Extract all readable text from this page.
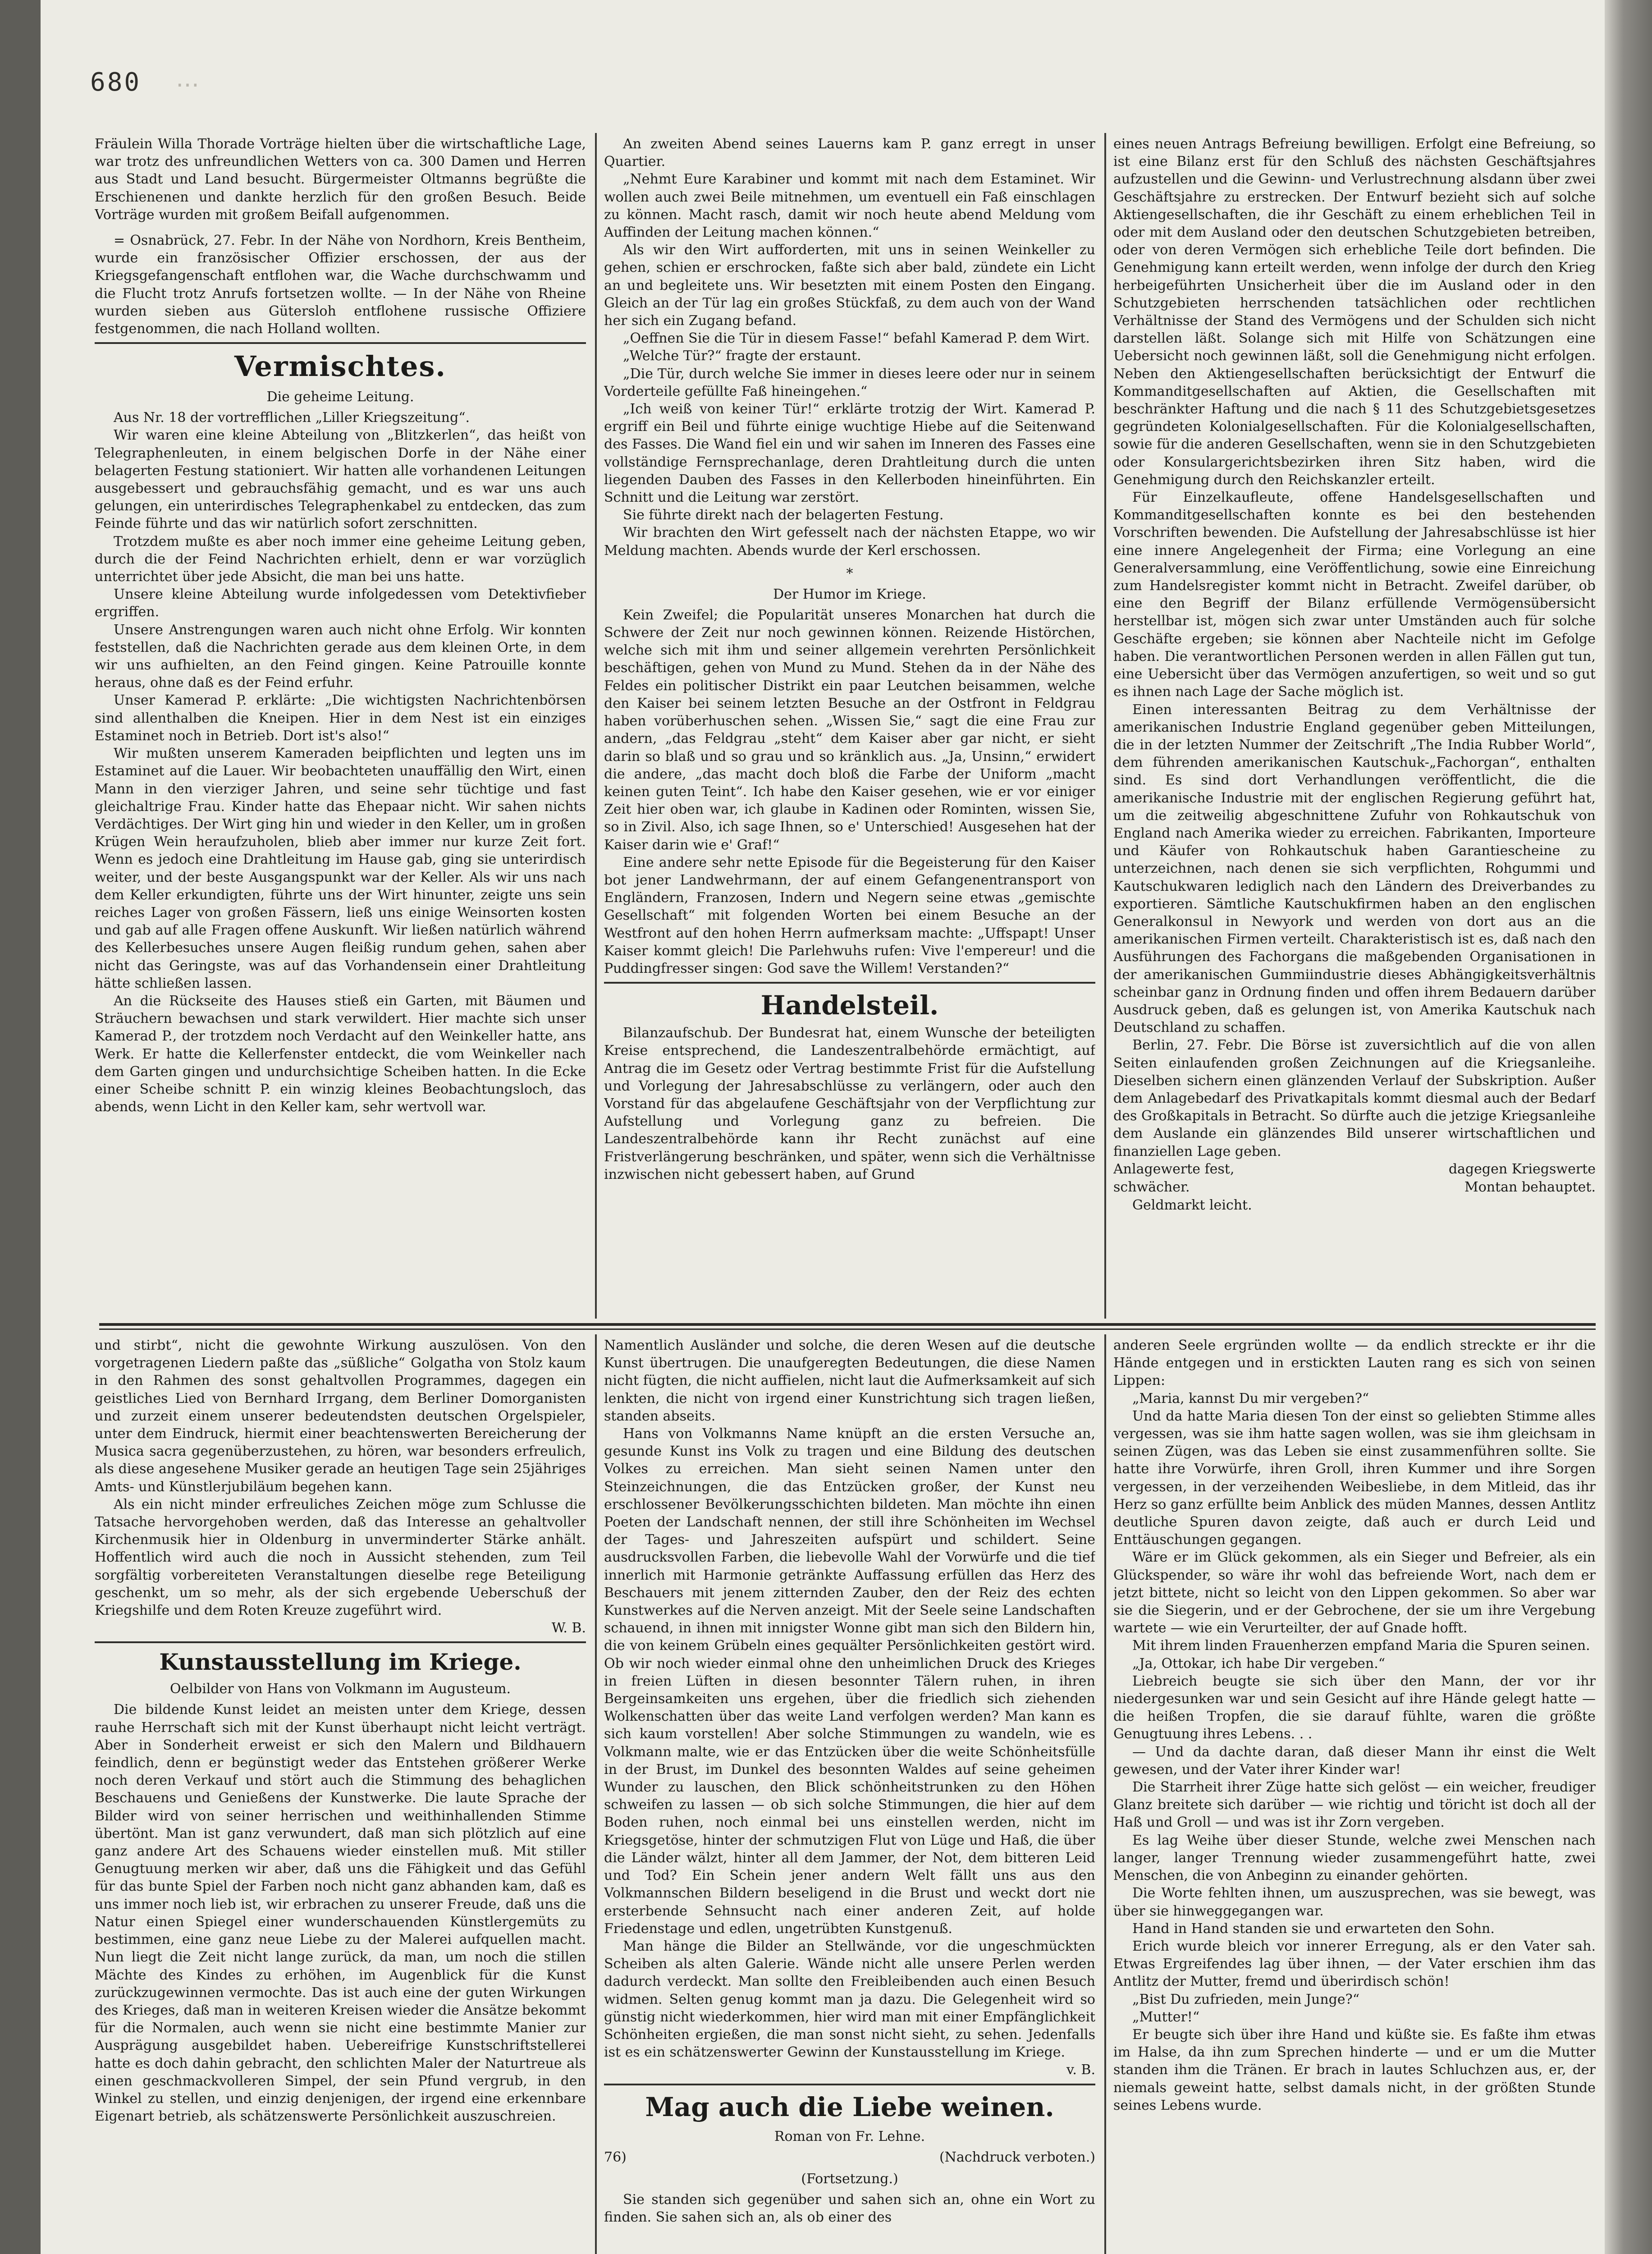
680 …

Fräulein Willa Thorade Vorträge hielten über die wirtschaftliche Lage, war trotz des unfreundlichen Wetters von ca. 300 Damen und Herren aus Stadt und Land besucht. Bürgermeister Oltmanns begrüßte die Erschienenen und dankte herzlich für den großen Besuch. Beide Vorträge wurden mit großem Beifall aufgenommen.

= Osnabrück, 27. Febr. In der Nähe von Nordhorn, Kreis Bentheim, wurde ein französischer Offizier erschossen, der aus der Kriegsgefangenschaft entflohen war, die Wache durchschwamm und die Flucht trotz Anrufs fortsetzen wollte. — In der Nähe von Rheine wurden sieben aus Gütersloh entflohene russische Offiziere festgenommen, die nach Holland wollten.

Vermischtes.
Die geheime Leitung.

Aus Nr. 18 der vortrefflichen „Liller Kriegszeitung“.

Wir waren eine kleine Abteilung von „Blitzkerlen“, das heißt von Telegraphenleuten, in einem belgischen Dorfe in der Nähe einer belagerten Festung stationiert. Wir hatten alle vorhandenen Leitungen ausgebessert und gebrauchsfähig gemacht, und es war uns auch gelungen, ein unterirdisches Telegraphenkabel zu entdecken, das zum Feinde führte und das wir natürlich sofort zerschnitten.

Trotzdem mußte es aber noch immer eine geheime Leitung geben, durch die der Feind Nachrichten erhielt, denn er war vorzüglich unterrichtet über jede Absicht, die man bei uns hatte.

Unsere kleine Abteilung wurde infolgedessen vom Detektivfieber ergriffen.

Unsere Anstrengungen waren auch nicht ohne Erfolg. Wir konnten feststellen, daß die Nachrichten gerade aus dem kleinen Orte, in dem wir uns aufhielten, an den Feind gingen. Keine Patrouille konnte heraus, ohne daß es der Feind erfuhr.

Unser Kamerad P. erklärte: „Die wichtigsten Nachrichtenbörsen sind allenthalben die Kneipen. Hier in dem Nest ist ein einziges Estaminet noch in Betrieb. Dort ist's also!“

Wir mußten unserem Kameraden beipflichten und legten uns im Estaminet auf die Lauer. Wir beobachteten unauffällig den Wirt, einen Mann in den vierziger Jahren, und seine sehr tüchtige und fast gleichaltrige Frau. Kinder hatte das Ehepaar nicht. Wir sahen nichts Verdächtiges. Der Wirt ging hin und wieder in den Keller, um in großen Krügen Wein heraufzuholen, blieb aber immer nur kurze Zeit fort. Wenn es jedoch eine Drahtleitung im Hause gab, ging sie unterirdisch weiter, und der beste Ausgangspunkt war der Keller. Als wir uns nach dem Keller erkundigten, führte uns der Wirt hinunter, zeigte uns sein reiches Lager von großen Fässern, ließ uns einige Weinsorten kosten und gab auf alle Fragen offene Auskunft. Wir ließen natürlich während des Kellerbesuches unsere Augen fleißig rundum gehen, sahen aber nicht das Geringste, was auf das Vorhandensein einer Drahtleitung hätte schließen lassen.

An die Rückseite des Hauses stieß ein Garten, mit Bäumen und Sträuchern bewachsen und stark verwildert. Hier machte sich unser Kamerad P., der trotzdem noch Verdacht auf den Weinkeller hatte, ans Werk. Er hatte die Kellerfenster entdeckt, die vom Weinkeller nach dem Garten gingen und undurchsichtige Scheiben hatten. In die Ecke einer Scheibe schnitt P. ein winzig kleines Beobachtungsloch, das abends, wenn Licht in den Keller kam, sehr wertvoll war.

An zweiten Abend seines Lauerns kam P. ganz erregt in unser Quartier.

„Nehmt Eure Karabiner und kommt mit nach dem Estaminet. Wir wollen auch zwei Beile mitnehmen, um eventuell ein Faß einschlagen zu können. Macht rasch, damit wir noch heute abend Meldung vom Auffinden der Leitung machen können.“

Als wir den Wirt aufforderten, mit uns in seinen Weinkeller zu gehen, schien er erschrocken, faßte sich aber bald, zündete ein Licht an und begleitete uns. Wir besetzten mit einem Posten den Eingang. Gleich an der Tür lag ein großes Stückfaß, zu dem auch von der Wand her sich ein Zugang befand.

„Oeffnen Sie die Tür in diesem Fasse!“ befahl Kamerad P. dem Wirt.

„Welche Tür?“ fragte der erstaunt.

„Die Tür, durch welche Sie immer in dieses leere oder nur in seinem Vorderteile gefüllte Faß hineingehen.“

„Ich weiß von keiner Tür!“ erklärte trotzig der Wirt. Kamerad P. ergriff ein Beil und führte einige wuchtige Hiebe auf die Seitenwand des Fasses. Die Wand fiel ein und wir sahen im Inneren des Fasses eine vollständige Fernsprechanlage, deren Drahtleitung durch die unten liegenden Dauben des Fasses in den Kellerboden hineinführten. Ein Schnitt und die Leitung war zerstört.

Sie führte direkt nach der belagerten Festung.

Wir brachten den Wirt gefesselt nach der nächsten Etappe, wo wir Meldung machten. Abends wurde der Kerl erschossen.

*
Der Humor im Kriege.

Kein Zweifel; die Popularität unseres Monarchen hat durch die Schwere der Zeit nur noch gewinnen können. Reizende Histörchen, welche sich mit ihm und seiner allgemein verehrten Persönlichkeit beschäftigen, gehen von Mund zu Mund. Stehen da in der Nähe des Feldes ein politischer Distrikt ein paar Leutchen beisammen, welche den Kaiser bei seinem letzten Besuche an der Ostfront in Feldgrau haben vorüberhuschen sehen. „Wissen Sie,“ sagt die eine Frau zur andern, „das Feldgrau „steht“ dem Kaiser aber gar nicht, er sieht darin so blaß und so grau und so kränklich aus. „Ja, Unsinn,“ erwidert die andere, „das macht doch bloß die Farbe der Uniform „macht keinen guten Teint“. Ich habe den Kaiser gesehen, wie er vor einiger Zeit hier oben war, ich glaube in Kadinen oder Rominten, wissen Sie, so in Zivil. Also, ich sage Ihnen, so e' Unterschied! Ausgesehen hat der Kaiser darin wie e' Graf!“

Eine andere sehr nette Episode für die Begeisterung für den Kaiser bot jener Landwehrmann, der auf einem Gefangenentransport von Engländern, Franzosen, Indern und Negern seine etwas „gemischte Gesellschaft“ mit folgenden Worten bei einem Besuche an der Westfront auf den hohen Herrn aufmerksam machte: „Uffspapt! Unser Kaiser kommt gleich! Die Parlehwuhs rufen: Vive l'empereur! und die Puddingfresser singen: God save the Willem! Verstanden?“

Handelsteil.

Bilanzaufschub. Der Bundesrat hat, einem Wunsche der beteiligten Kreise entsprechend, die Landeszentralbehörde ermächtigt, auf Antrag die im Gesetz oder Vertrag bestimmte Frist für die Aufstellung und Vorlegung der Jahresabschlüsse zu verlängern, oder auch den Vorstand für das abgelaufene Geschäftsjahr von der Verpflichtung zur Aufstellung und Vorlegung ganz zu befreien. Die Landeszentralbehörde kann ihr Recht zunächst auf eine Fristverlängerung beschränken, und später, wenn sich die Verhältnisse inzwischen nicht gebessert haben, auf Grund

eines neuen Antrags Befreiung bewilligen. Erfolgt eine Befreiung, so ist eine Bilanz erst für den Schluß des nächsten Geschäftsjahres aufzustellen und die Gewinn- und Verlustrechnung alsdann über zwei Geschäftsjahre zu erstrecken. Der Entwurf bezieht sich auf solche Aktiengesellschaften, die ihr Geschäft zu einem erheblichen Teil in oder mit dem Ausland oder den deutschen Schutzgebieten betreiben, oder von deren Vermögen sich erhebliche Teile dort befinden. Die Genehmigung kann erteilt werden, wenn infolge der durch den Krieg herbeigeführten Unsicherheit über die im Ausland oder in den Schutzgebieten herrschenden tatsächlichen oder rechtlichen Verhältnisse der Stand des Vermögens und der Schulden sich nicht darstellen läßt. Solange sich mit Hilfe von Schätzungen eine Uebersicht noch gewinnen läßt, soll die Genehmigung nicht erfolgen. Neben den Aktiengesellschaften berücksichtigt der Entwurf die Kommanditgesellschaften auf Aktien, die Gesellschaften mit beschränkter Haftung und die nach § 11 des Schutzgebietsgesetzes gegründeten Kolonialgesellschaften. Für die Kolonialgesellschaften, sowie für die anderen Gesellschaften, wenn sie in den Schutzgebieten oder Konsulargerichtsbezirken ihren Sitz haben, wird die Genehmigung durch den Reichskanzler erteilt.

Für Einzelkaufleute, offene Handelsgesellschaften und Kommanditgesellschaften konnte es bei den bestehenden Vorschriften bewenden. Die Aufstellung der Jahresabschlüsse ist hier eine innere Angelegenheit der Firma; eine Vorlegung an eine Generalversammlung, eine Veröffentlichung, sowie eine Einreichung zum Handelsregister kommt nicht in Betracht. Zweifel darüber, ob eine den Begriff der Bilanz erfüllende Vermögensübersicht herstellbar ist, mögen sich zwar unter Umständen auch für solche Geschäfte ergeben; sie können aber Nachteile nicht im Gefolge haben. Die verantwortlichen Personen werden in allen Fällen gut tun, eine Uebersicht über das Vermögen anzufertigen, so weit und so gut es ihnen nach Lage der Sache möglich ist.

Einen interessanten Beitrag zu dem Verhältnisse der amerikanischen Industrie England gegenüber geben Mitteilungen, die in der letzten Nummer der Zeitschrift „The India Rubber World“, dem führenden amerikanischen Kautschuk-„Fachorgan“, enthalten sind. Es sind dort Verhandlungen veröffentlicht, die die amerikanische Industrie mit der englischen Regierung geführt hat, um die zeitweilig abgeschnittene Zufuhr von Rohkautschuk von England nach Amerika wieder zu erreichen. Fabrikanten, Importeure und Käufer von Rohkautschuk haben Garantiescheine zu unterzeichnen, nach denen sie sich verpflichten, Rohgummi und Kautschukwaren lediglich nach den Ländern des Dreiverbandes zu exportieren. Sämtliche Kautschukfirmen haben an den englischen Generalkonsul in Newyork und werden von dort aus an die amerikanischen Firmen verteilt. Charakteristisch ist es, daß nach den Ausführungen des Fachorgans die maßgebenden Organisationen in der amerikanischen Gummiindustrie dieses Abhängigkeitsverhältnis scheinbar ganz in Ordnung finden und offen ihrem Bedauern darüber Ausdruck geben, daß es gelungen ist, von Amerika Kautschuk nach Deutschland zu schaffen.

Berlin, 27. Febr. Die Börse ist zuversichtlich auf die von allen Seiten einlaufenden großen Zeichnungen auf die Kriegsanleihe. Dieselben sichern einen glänzenden Verlauf der Subskription. Außer dem Anlagebedarf des Privatkapitals kommt diesmal auch der Bedarf des Großkapitals in Betracht. So dürfte auch die jetzige Kriegsanleihe dem Auslande ein glänzendes Bild unserer wirtschaftlichen und finanziellen Lage geben.

Anlagewerte fest,	dagegen Kriegswerte
schwächer.	Montan behauptet.

Geldmarkt leicht.

und stirbt“, nicht die gewohnte Wirkung auszulösen. Von den vorgetragenen Liedern paßte das „süßliche“ Golgatha von Stolz kaum in den Rahmen des sonst gehaltvollen Programmes, dagegen ein geistliches Lied von Bernhard Irrgang, dem Berliner Domorganisten und zurzeit einem unserer bedeutendsten deutschen Orgelspieler, unter dem Eindruck, hiermit einer beachtenswerten Bereicherung der Musica sacra gegenüberzustehen, zu hören, war besonders erfreulich, als diese angesehene Musiker gerade an heutigen Tage sein 25jähriges Amts- und Künstlerjubiläum begehen kann.

Als ein nicht minder erfreuliches Zeichen möge zum Schlusse die Tatsache hervorgehoben werden, daß das Interesse an gehaltvoller Kirchenmusik hier in Oldenburg in unverminderter Stärke anhält. Hoffentlich wird auch die noch in Aussicht stehenden, zum Teil sorgfältig vorbereiteten Veranstaltungen dieselbe rege Beteiligung geschenkt, um so mehr, als der sich ergebende Ueberschuß der Kriegshilfe und dem Roten Kreuze zugeführt wird.

W. B.

Kunstausstellung im Kriege.
Oelbilder von Hans von Volkmann im Augusteum.

Die bildende Kunst leidet an meisten unter dem Kriege, dessen rauhe Herrschaft sich mit der Kunst überhaupt nicht leicht verträgt. Aber in Sonderheit erweist er sich den Malern und Bildhauern feindlich, denn er begünstigt weder das Entstehen größerer Werke noch deren Verkauf und stört auch die Stimmung des behaglichen Beschauens und Genießens der Kunstwerke. Die laute Sprache der Bilder wird von seiner herrischen und weithinhallenden Stimme übertönt. Man ist ganz verwundert, daß man sich plötzlich auf eine ganz andere Art des Schauens wieder einstellen muß. Mit stiller Genugtuung merken wir aber, daß uns die Fähigkeit und das Gefühl für das bunte Spiel der Farben noch nicht ganz abhanden kam, daß es uns immer noch lieb ist, wir erbrachen zu unserer Freude, daß uns die Natur einen Spiegel einer wunderschauenden Künstlergemüts zu bestimmen, eine ganz neue Liebe zu der Malerei aufquellen macht. Nun liegt die Zeit nicht lange zurück, da man, um noch die stillen Mächte des Kindes zu erhöhen, im Augenblick für die Kunst zurückzugewinnen vermochte. Das ist auch eine der guten Wirkungen des Krieges, daß man in weiteren Kreisen wieder die Ansätze bekommt für die Normalen, auch wenn sie nicht eine bestimmte Manier zur Ausprägung ausgebildet haben. Uebereifrige Kunstschriftstellerei hatte es doch dahin gebracht, den schlichten Maler der Naturtreue als einen geschmackvolleren Simpel, der sein Pfund vergrub, in den Winkel zu stellen, und einzig denjenigen, der irgend eine erkennbare Eigenart betrieb, als schätzenswerte Persönlichkeit auszuschreien.

Namentlich Ausländer und solche, die deren Wesen auf die deutsche Kunst übertrugen. Die unaufgeregten Bedeutungen, die diese Namen nicht fügten, die nicht auffielen, nicht laut die Aufmerksamkeit auf sich lenkten, die nicht von irgend einer Kunstrichtung sich tragen ließen, standen abseits.

Hans von Volkmanns Name knüpft an die ersten Versuche an, gesunde Kunst ins Volk zu tragen und eine Bildung des deutschen Volkes zu erreichen. Man sieht seinen Namen unter den Steinzeichnungen, die das Entzücken großer, der Kunst neu erschlossener Bevölkerungsschichten bildeten. Man möchte ihn einen Poeten der Landschaft nennen, der still ihre Schönheiten im Wechsel der Tages- und Jahreszeiten aufspürt und schildert. Seine ausdrucksvollen Farben, die liebevolle Wahl der Vorwürfe und die tief innerlich mit Harmonie getränkte Auffassung erfüllen das Herz des Beschauers mit jenem zitternden Zauber, den der Reiz des echten Kunstwerkes auf die Nerven anzeigt. Mit der Seele seine Landschaften schauend, in ihnen mit innigster Wonne gibt man sich den Bildern hin, die von keinem Grübeln eines gequälter Persönlichkeiten gestört wird. Ob wir noch wieder einmal ohne den unheimlichen Druck des Krieges in freien Lüften in diesen besonnter Tälern ruhen, in ihren Bergeinsamkeiten uns ergehen, über die friedlich sich ziehenden Wolkenschatten über das weite Land verfolgen werden? Man kann es sich kaum vorstellen! Aber solche Stimmungen zu wandeln, wie es Volkmann malte, wie er das Entzücken über die weite Schönheitsfülle in der Brust, im Dunkel des besonnten Waldes auf seine geheimen Wunder zu lauschen, den Blick schönheitstrunken zu den Höhen schweifen zu lassen — ob sich solche Stimmungen, die hier auf dem Boden ruhen, noch einmal bei uns einstellen werden, nicht im Kriegsgetöse, hinter der schmutzigen Flut von Lüge und Haß, die über die Länder wälzt, hinter all dem Jammer, der Not, dem bitteren Leid und Tod? Ein Schein jener andern Welt fällt uns aus den Volkmannschen Bildern beseligend in die Brust und weckt dort nie ersterbende Sehnsucht nach einer anderen Zeit, auf holde Friedenstage und edlen, ungetrübten Kunstgenuß.

Man hänge die Bilder an Stellwände, vor die ungeschmückten Scheiben als alten Galerie. Wände nicht alle unsere Perlen werden dadurch verdeckt. Man sollte den Freibleibenden auch einen Besuch widmen. Selten genug kommt man ja dazu. Die Gelegenheit wird so günstig nicht wiederkommen, hier wird man mit einer Empfänglichkeit Schönheiten ergießen, die man sonst nicht sieht, zu sehen. Jedenfalls ist es ein schätzenswerter Gewinn der Kunstausstellung im Kriege.

v. B.

Mag auch die Liebe weinen.
Roman von Fr. Lehne.
76)	(Nachdruck verboten.)
(Fortsetzung.)

Sie standen sich gegenüber und sahen sich an, ohne ein Wort zu finden. Sie sahen sich an, als ob einer des

anderen Seele ergründen wollte — da endlich streckte er ihr die Hände entgegen und in erstickten Lauten rang es sich von seinen Lippen:

„Maria, kannst Du mir vergeben?“

Und da hatte Maria diesen Ton der einst so geliebten Stimme alles vergessen, was sie ihm hatte sagen wollen, was sie ihm gleichsam in seinen Zügen, was das Leben sie einst zusammenführen sollte. Sie hatte ihre Vorwürfe, ihren Groll, ihren Kummer und ihre Sorgen vergessen, in der verzeihenden Weibesliebe, in dem Mitleid, das ihr Herz so ganz erfüllte beim Anblick des müden Mannes, dessen Antlitz deutliche Spuren davon zeigte, daß auch er durch Leid und Enttäuschungen gegangen.

Wäre er im Glück gekommen, als ein Sieger und Befreier, als ein Glückspender, so wäre ihr wohl das befreiende Wort, nach dem er jetzt bittete, nicht so leicht von den Lippen gekommen. So aber war sie die Siegerin, und er der Gebrochene, der sie um ihre Vergebung wartete — wie ein Verurteilter, der auf Gnade hofft.

Mit ihrem linden Frauenherzen empfand Maria die Spuren seinen.

„Ja, Ottokar, ich habe Dir vergeben.“

Liebreich beugte sie sich über den Mann, der vor ihr niedergesunken war und sein Gesicht auf ihre Hände gelegt hatte — die heißen Tropfen, die sie darauf fühlte, waren die größte Genugtuung ihres Lebens. . .

— Und da dachte daran, daß dieser Mann ihr einst die Welt gewesen, und der Vater ihrer Kinder war!

Die Starrheit ihrer Züge hatte sich gelöst — ein weicher, freudiger Glanz breitete sich darüber — wie richtig und töricht ist doch all der Haß und Groll — und was ist ihr Zorn vergeben.

Es lag Weihe über dieser Stunde, welche zwei Menschen nach langer, langer Trennung wieder zusammengeführt hatte, zwei Menschen, die von Anbeginn zu einander gehörten.

Die Worte fehlten ihnen, um auszusprechen, was sie bewegt, was über sie hinweggegangen war.

Hand in Hand standen sie und erwarteten den Sohn.

Erich wurde bleich vor innerer Erregung, als er den Vater sah. Etwas Ergreifendes lag über ihnen, — der Vater erschien ihm das Antlitz der Mutter, fremd und überirdisch schön!

„Bist Du zufrieden, mein Junge?“

„Mutter!“

Er beugte sich über ihre Hand und küßte sie. Es faßte ihm etwas im Halse, da ihn zum Sprechen hinderte — und er um die Mutter standen ihm die Tränen. Er brach in lautes Schluchzen aus, er, der niemals geweint hatte, selbst damals nicht, in der größten Stunde seines Lebens wurde.
